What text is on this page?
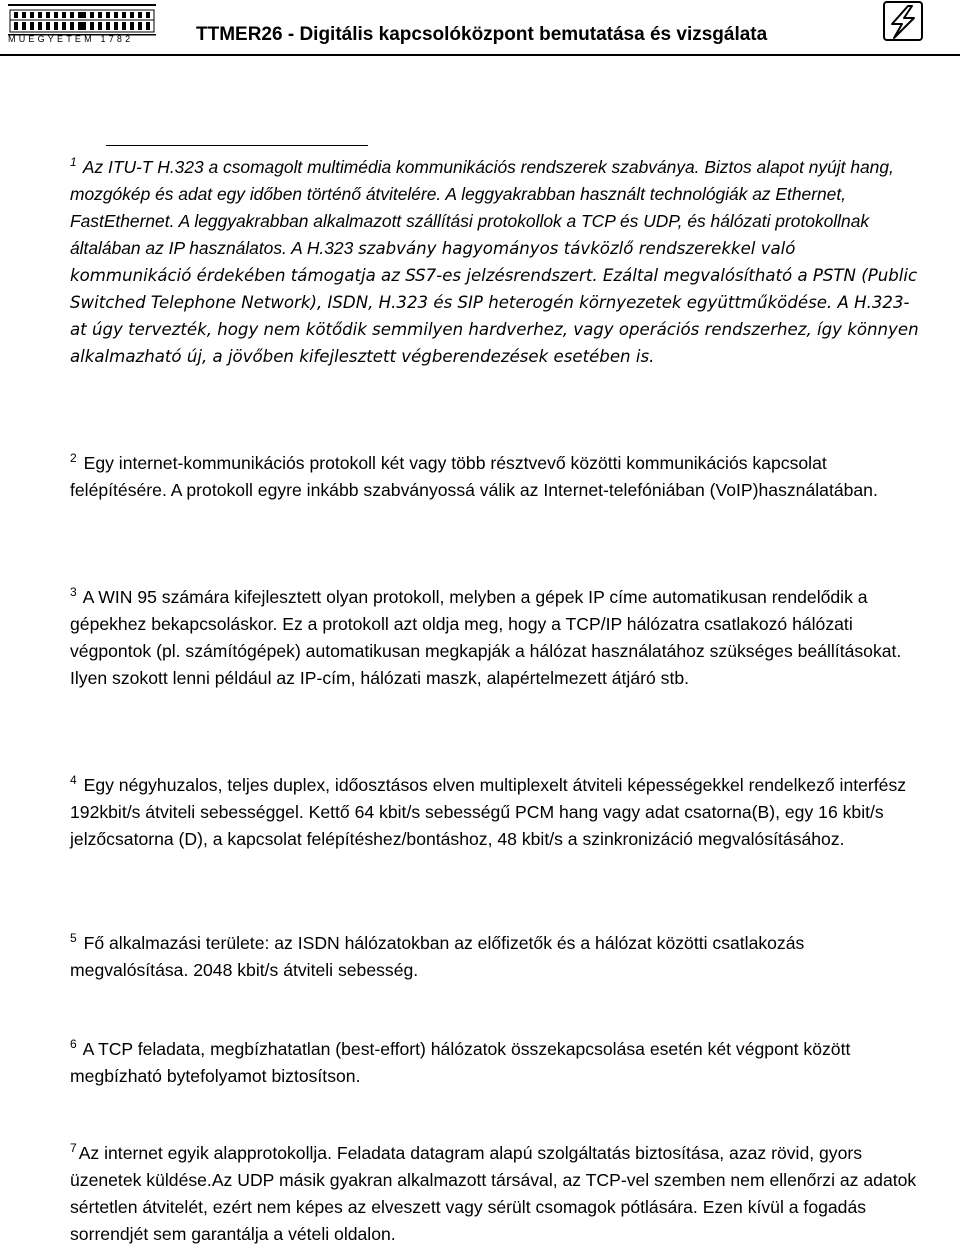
MŰEGYETEM 1782	TTMER26 - Digitális kapcsolóközpont bemutatása és vizsgálata

$^1$ Az ITU-T H.323 a csomagolt multimédia kommunikációs rendszerek szabványa. Biztos alapot nyújt hang, mozgókép és adat egy időben történő átvitelére. A leggyakrabban használt technológiák az Ethernet, FastEthernet. A leggyakrabban alkalmazott szállítási protokollok a TCP és UDP, és hálózati protokollnak általában az IP használatos. A H.323 szabvány hagyományos távközlő rendszerekkel való kommunikáció érdekében támogatja az SS7-es jelzésrendszert. Ezáltal megvalósítható a PSTN (Public Switched Telephone Network), ISDN, H.323 és SIP heterogén környezetek együttműködése. A H.323-at úgy tervezték, hogy nem kötődik semmilyen hardverhez, vagy operációs rendszerhez, így könnyen alkalmazható új, a jövőben kifejlesztett végberendezések esetében is.

$^2$ Egy internet-kommunikációs protokoll két vagy több résztvevő közötti kommunikációs kapcsolat felépítésére. A protokoll egyre inkább szabványossá válik az Internet-telefóniában (VoIP)használatában.

$^3$ A WIN 95 számára kifejlesztett olyan protokoll, melyben a gépek IP címe automatikusan rendelődik a gépekhez bekapcsoláskor. Ez a protokoll azt oldja meg, hogy a TCP/IP hálózatra csatlakozó hálózati végpontok (pl. számítógépek) automatikusan megkapják a hálózat használatához szükséges beállításokat. Ilyen szokott lenni például az IP-cím, hálózati maszk, alapértelmezett átjáró stb.

$^4$ Egy négyhuzalos, teljes duplex, időosztásos elven multiplexelt átviteli képességekkel rendelkező interfész 192kbit/s átviteli sebességgel. Kettő 64 kbit/s sebességű PCM hang vagy adat csatorna(B), egy 16 kbit/s jelzőcsatorna (D), a kapcsolat felépítéshez/bontáshoz, 48 kbit/s a szinkronizáció megvalósításához.

$^5$ Fő alkalmazási területe: az ISDN hálózatokban az előfizetők és a hálózat közötti csatlakozás megvalósítása. 2048 kbit/s átviteli sebesség.

$^6$ A TCP feladata, megbízhatatlan (best-effort) hálózatok összekapcsolása esetén két végpont között megbízható bytefolyamot biztosítson.

$^7$ Az internet egyik alapprotokollja. Feladata datagram alapú szolgáltatás biztosítása, azaz rövid, gyors üzenetek küldése.Az UDP másik gyakran alkalmazott társával, az TCP-vel szemben nem ellenőrzi az adatok sértetlen átvitelét, ezért nem képes az elveszett vagy sérült csomagok pótlására. Ezen kívül a fogadás sorrendjét sem garantálja a vételi oldalon.
